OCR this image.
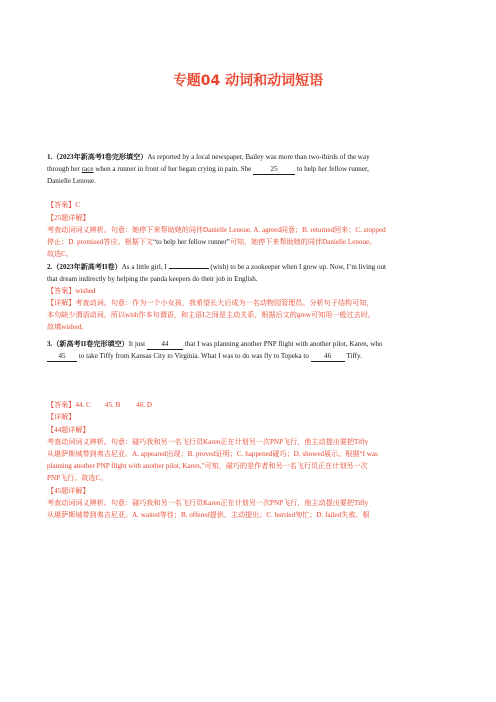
专题04 动词和动词短语
1.（2023年新高考I卷完形填空）As reported by a local newspaper, Bailey was more than two-thirds of the way
through her race when a runner in front of her began crying in pain. She 25 to help her fellow runner,
Danielle Lenoue.
【答案】C
【25题详解】
考查动词词义辨析。句意：她停下来帮助她的同伴Danielle Lenoue. A. agreed同意；B. returned回来；C. stopped
停止；D. promised答应。根据下文“to help her fellow runner”可知，她停下来帮助她的同伴Danielle Lenoue。
故选C。
2.（2023年新高考II卷）As a little girl, I	(wish) to be a zookeeper when I grew up. Now, I’m living out
that dream indirectly by helping the panda keepers do their job in English.
【答案】wished
【详解】考查动词。句意：作为一个小女孩，我希望长大后成为一名动物园管理员。分析句子结构可知，
本句缺少谓语动词，所以wish作本句谓语，和主语I之间是主动关系，根据后文的grew可知用一般过去时。
故填wished。
3.（新高考II卷完形填空）It just 44 that I was planning another PNP flight with another pilot, Karen, who
45 to take Tiffy from Kansas City to Virginia. What I was to do was fly to Topeka to 46 Tiffy.
【答案】44. C        45. B         46. D
【详解】
【44题详解】
考查动词词义辨析。句意：碰巧我和另一名飞行员Karen正在计划另一次PNP飞行，他主动提出要把Tiffy
从堪萨斯城带到弗吉尼亚。A. appeared出现；B. proved证明；C. happened碰巧；D. showed展示。根据“I was
planning another PNP flight with another pilot, Karen,”可知，碰巧的是作者和另一名飞行员正在计划另一次
PNP飞行。故选C。
【45题详解】
考查动词词义辨析。句意：碰巧我和另一名飞行员Karen正在计划另一次PNP飞行，他主动提出要把Tiffy
从堪萨斯城带到弗吉尼亚。A. waited等待；B. offered提供、主动提出；C. hurried匆忙；D. failed失败。根
